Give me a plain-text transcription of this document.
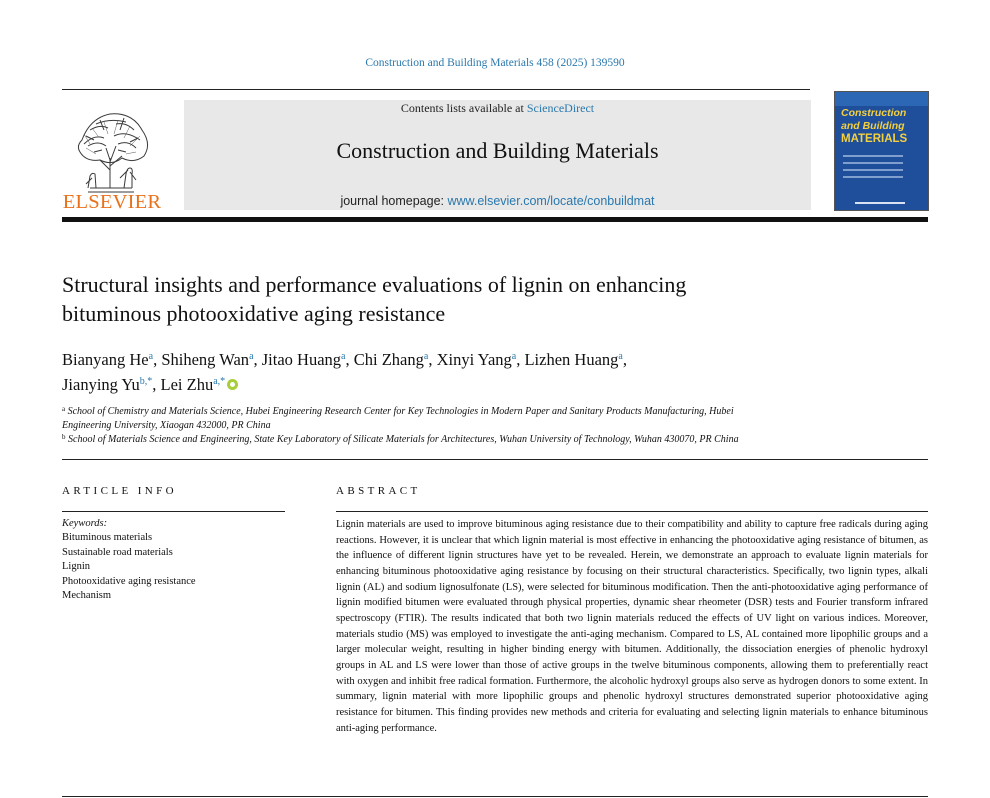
Construction and Building Materials 458 (2025) 139590
ELSEVIER
Contents lists available at ScienceDirect
Construction and Building Materials
journal homepage: www.elsevier.com/locate/conbuildmat
Construction
and Building
MATERIALS
Structural insights and performance evaluations of lignin on enhancing
bituminous photooxidative aging resistance
Bianyang He$^a$, Shiheng Wan$^a$, Jitao Huang$^a$, Chi Zhang$^a$, Xinyi Yang$^a$, Lizhen Huang$^a$,
Jianying $Yu^{b,*}$, Lei Zhu$^{a,*}$
$^a$ School of Chemistry and Materials Science, Hubei Engineering Research Center for Key Technologies in Modern Paper and Sanitary Products Manufacturing, Hubei
Engineering University, Xiaogan 432000, PR China
$^b$ School of Materials Science and Engineering, State Key Laboratory of Silicate Materials for Architectures, Wuhan University of Technology, Wuhan 430070, PR China
ARTICLE INFO	ABSTRACT
Keywords:
Bituminous materials
Sustainable road materials
Lignin
Photooxidative aging resistance
Mechanism
Lignin materials are used to improve bituminous aging resistance due to their compatibility and ability to capture free radicals during aging reactions. However, it is unclear that which lignin material is most effective in enhancing the photooxidative aging resistance of bitumen, as the influence of different lignin structures have yet to be revealed. Herein, we demonstrate an approach to evaluate lignin materials for enhancing bituminous photooxidative aging resistance by focusing on their structural characteristics. Specifically, two lignin types, alkali lignin (AL) and sodium lignosulfonate (LS), were selected for bituminous modification. Then the anti-photooxidative aging performance of lignin modified bitumen were evaluated through physical properties, dynamic shear rheometer (DSR) tests and Fourier transform infrared spectroscopy (FTIR). The results indicated that both two lignin materials reduced the effects of UV light on various indices. Moreover, materials studio (MS) was employed to investigate the anti-aging mechanism. Compared to LS, AL contained more lipophilic groups and a larger molecular weight, resulting in higher binding energy with bitumen. Additionally, the dissociation energies of phenolic hydroxyl groups in AL and LS were lower than those of active groups in the twelve bituminous components, allowing them to preferentially react with oxygen and inhibit free radical formation. Furthermore, the alcoholic hydroxyl groups also serve as hydrogen donors to some extent. In summary, lignin material with more lipophilic groups and phenolic hydroxyl structures demonstrated superior photooxidative aging resistance for bitumen. This finding provides new methods and criteria for evaluating and selecting lignin materials to enhance bituminous anti-aging performance.
